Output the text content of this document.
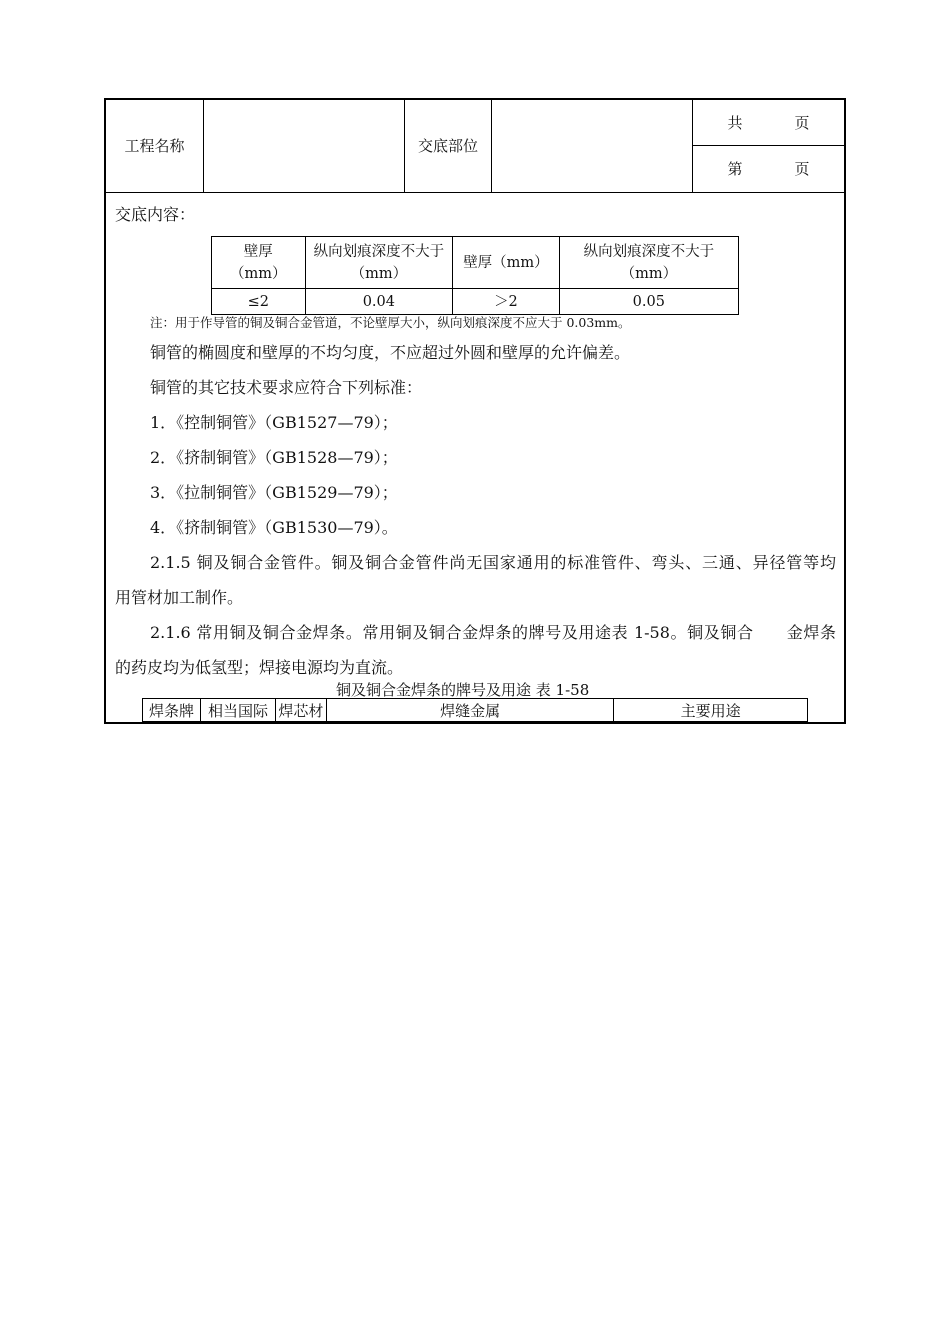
工程名称	交底部位
共	页
第	页
交底内容：
壁厚（mm）	纵向划痕深度不大于（mm）	壁厚（mm）	纵向划痕深度不大于（mm）
≤2	0.04	＞2	0.05
注：用于作导管的铜及铜合金管道，不论壁厚大小，纵向划痕深度不应大于 0.03mm。
铜管的椭圆度和壁厚的不均匀度，不应超过外圆和壁厚的允许偏差。
铜管的其它技术要求应符合下列标准：
1．《控制铜管》（GB1527—79）；
2．《挤制铜管》（GB1528—79）；
3．《拉制铜管》（GB1529—79）；
4．《挤制铜管》（GB1530—79）。
2.1.5 铜及铜合金管件。铜及铜合金管件尚无国家通用的标准管件、弯头、三通、异径管等均
用管材加工制作。
2.1.6 常用铜及铜合金焊条。常用铜及铜合金焊条的牌号及用途表 1-58。铜及铜合　　金焊条
的药皮均为低氢型；焊接电源均为直流。
铜及铜合金焊条的牌号及用途 表 1-58
焊条牌	相当国际	焊芯材	焊缝金属	主要用途
